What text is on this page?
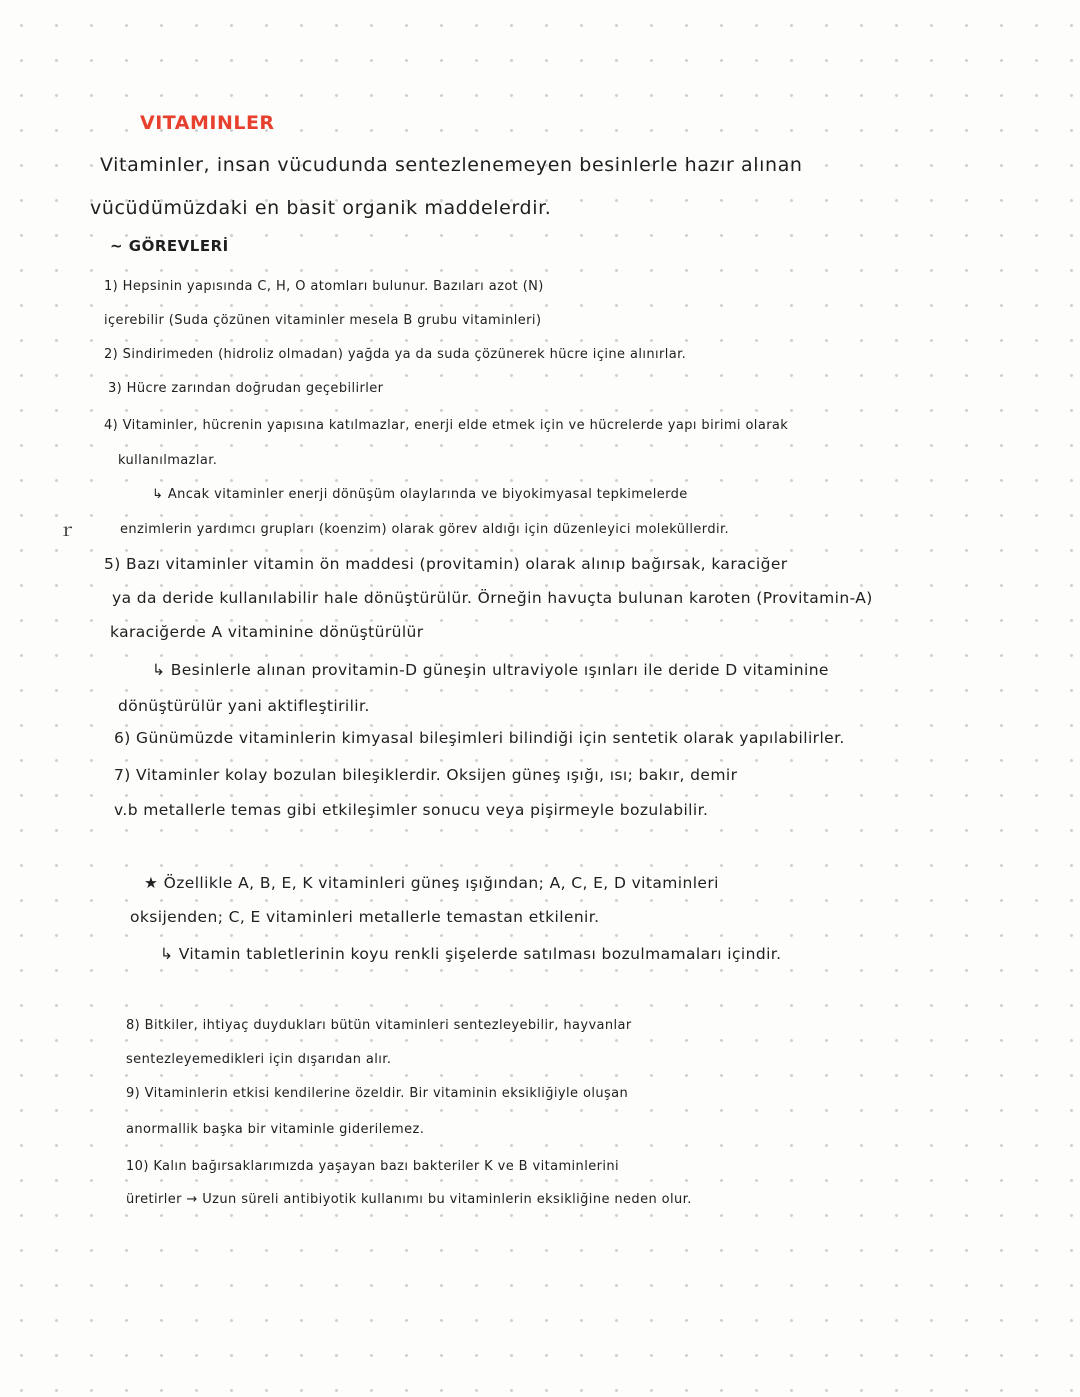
VITAMINLER
ｒ
Vitaminler, insan vücudunda sentezlenemeyen besinlerle hazır alınan
vücüdümüzdaki en basit organik maddelerdir.
~ GÖREVLERİ
1) Hepsinin yapısında C, H, O atomları bulunur. Bazıları azot (N)
içerebilir (Suda çözünen vitaminler mesela B grubu vitaminleri)
2) Sindirimeden (hidroliz olmadan) yağda ya da suda çözünerek hücre içine alınırlar.
3) Hücre zarından doğrudan geçebilirler
4) Vitaminler, hücrenin yapısına katılmazlar, enerji elde etmek için ve hücrelerde yapı birimi olarak
kullanılmazlar.
↳ Ancak vitaminler enerji dönüşüm olaylarında ve biyokimyasal tepkimelerde
enzimlerin yardımcı grupları (koenzim) olarak görev aldığı için düzenleyici moleküllerdir.
5) Bazı vitaminler vitamin ön maddesi (provitamin) olarak alınıp bağırsak, karaciğer
ya da deride kullanılabilir hale dönüştürülür. Örneğin havuçta bulunan karoten (Provitamin-A)
karaciğerde A vitaminine dönüştürülür
↳ Besinlerle alınan provitamin-D güneşin ultraviyole ışınları ile deride D vitaminine
dönüştürülür yani aktifleştirilir.
6) Günümüzde vitaminlerin kimyasal bileşimleri bilindiği için sentetik olarak yapılabilirler.
7) Vitaminler kolay bozulan bileşiklerdir. Oksijen güneş ışığı, ısı; bakır, demir
v.b metallerle temas gibi etkileşimler sonucu veya pişirmeyle bozulabilir.
★ Özellikle A, B, E, K vitaminleri güneş ışığından; A, C, E, D vitaminleri
oksijenden; C, E vitaminleri metallerle temastan etkilenir.
↳ Vitamin tabletlerinin koyu renkli şişelerde satılması bozulmamaları içindir.
8) Bitkiler, ihtiyaç duydukları bütün vitaminleri sentezleyebilir, hayvanlar
sentezleyemedikleri için dışarıdan alır.
9) Vitaminlerin etkisi kendilerine özeldir. Bir vitaminin eksikliğiyle oluşan
anormallik başka bir vitaminle giderilemez.
10) Kalın bağırsaklarımızda yaşayan bazı bakteriler K ve B vitaminlerini
üretirler → Uzun süreli antibiyotik kullanımı bu vitaminlerin eksikliğine neden olur.
